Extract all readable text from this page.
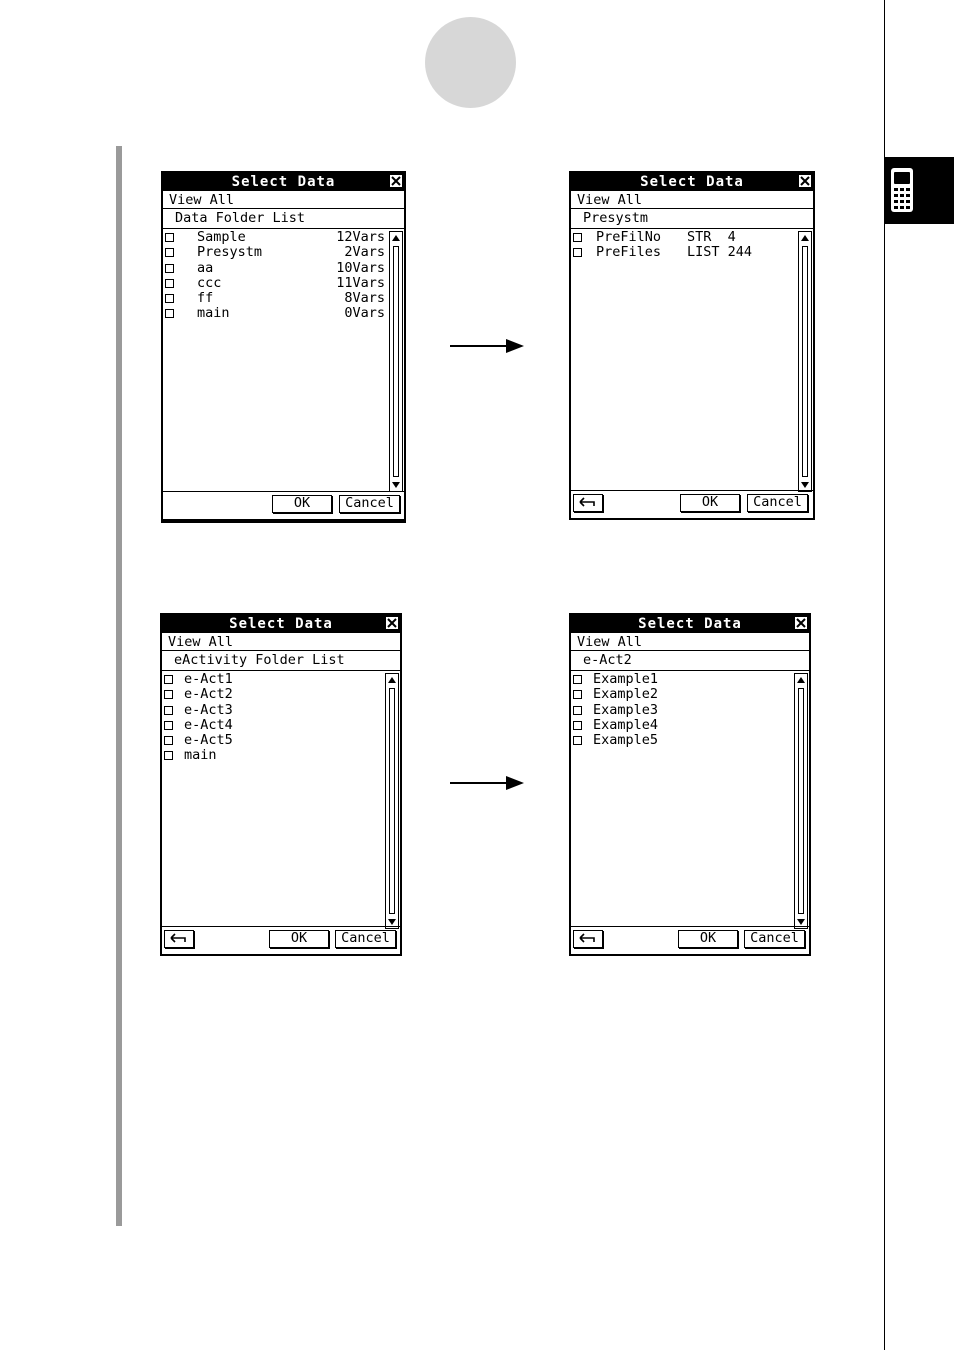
Select Data
View All
Data Folder List
Sample	12Vars
Presystm	2Vars
aa	10Vars
ccc	11Vars
ff	8Vars
main	0Vars
OK	Cancel
Select Data
View All
Presystm
PreFilNo STR  4
PreFiles LIST 244
OK	Cancel
Select Data
View All
eActivity Folder List
e-Act1
e-Act2
e-Act3
e-Act4
e-Act5
main
OK	Cancel
Select Data
View All
e-Act2
Example1
Example2
Example3
Example4
Example5
OK	Cancel
